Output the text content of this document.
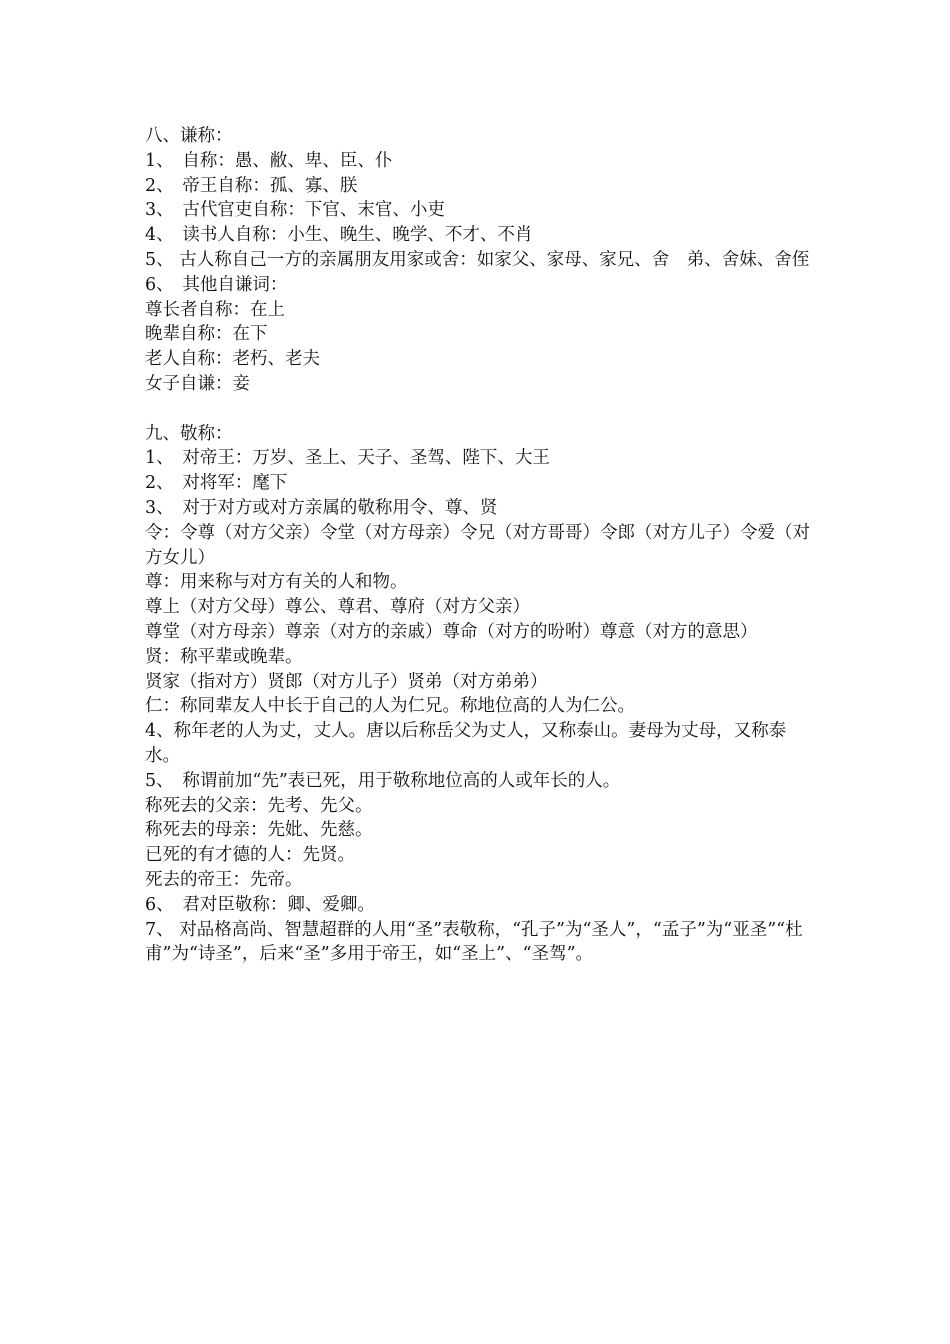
八、谦称：

1、　自称：愚、敝、卑、臣、仆

2、　帝王自称：孤、寡、朕

3、　古代官吏自称：下官、末官、小吏

4、　读书人自称：小生、晚生、晚学、不才、不肖

5、 古人称自己一方的亲属朋友用家或舍：如家父、家母、家兄、舍　弟、舍妹、舍侄

6、　其他自谦词：

尊长者自称：在上

晚辈自称：在下

老人自称：老朽、老夫

女子自谦：妾

九、敬称：

1、　对帝王：万岁、圣上、天子、圣驾、陛下、大王

2、　对将军：麾下

3、　对于对方或对方亲属的敬称用令、尊、贤

令：令尊（对方父亲）令堂（对方母亲）令兄（对方哥哥）令郎（对方儿子）令爱（对方女儿）

尊：用来称与对方有关的人和物。

尊上（对方父母）尊公、尊君、尊府（对方父亲）

尊堂（对方母亲）尊亲（对方的亲戚）尊命（对方的吩咐）尊意（对方的意思）

贤：称平辈或晚辈。

贤家（指对方）贤郎（对方儿子）贤弟（对方弟弟）

仁：称同辈友人中长于自己的人为仁兄。称地位高的人为仁公。

4、称年老的人为丈，丈人。唐以后称岳父为丈人，又称泰山。妻母为丈母，又称泰水。

5、　称谓前加“先”表已死，用于敬称地位高的人或年长的人。

称死去的父亲：先考、先父。

称死去的母亲：先妣、先慈。

已死的有才德的人：先贤。

死去的帝王：先帝。

6、　君对臣敬称：卿、爱卿。

7、 对品格高尚、智慧超群的人用“圣”表敬称，“孔子”为“圣人”，“孟子”为“亚圣”“杜甫”为“诗圣”，后来“圣”多用于帝王，如“圣上”、“圣驾”。
